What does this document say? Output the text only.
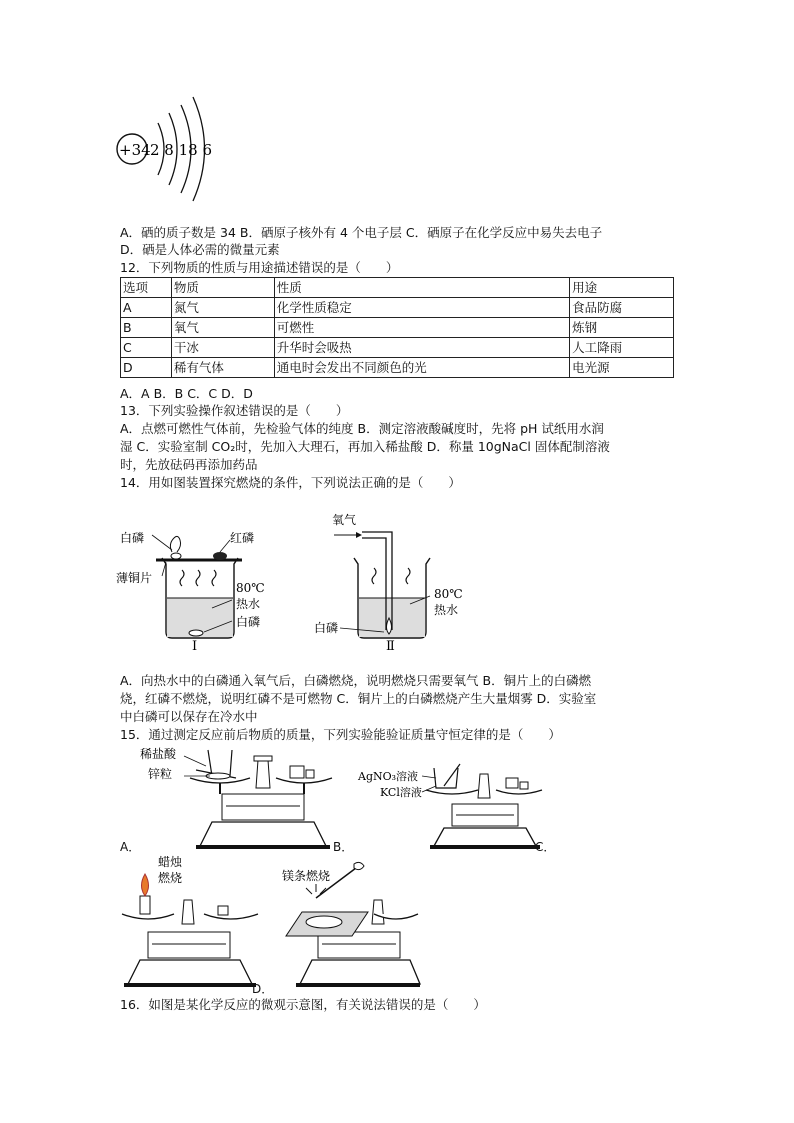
+34 2 8 18 6
A．硒的质子数是 34 B．硒原子核外有 4 个电子层 C．硒原子在化学反应中易失去电子
D．硒是人体必需的微量元素
12．下列物质的性质与用途描述错误的是（　　）
选项	物质	性质	用途
A	氮气	化学性质稳定	食品防腐
B	氧气	可燃性	炼钢
C	干冰	升华时会吸热	人工降雨
D	稀有气体	通电时会发出不同颜色的光	电光源
A．A B．B C．C D．D
13．下列实验操作叙述错误的是（　　）
A．点燃可燃性气体前，先检验气体的纯度 B．测定溶液酸碱度时，先将 pH 试纸用水润
湿 C．实验室制 CO₂时，先加入大理石，再加入稀盐酸 D．称量 10gNaCl 固体配制溶液
时，先放砝码再添加药品
14．用如图装置探究燃烧的条件，下列说法正确的是（　　）
白磷	红磷
薄铜片
80℃
热水
白磷
Ⅰ
氧气
80℃
热水
白磷
Ⅱ
A．向热水中的白磷通入氧气后，白磷燃烧，说明燃烧只需要氧气 B．铜片上的白磷燃
烧，红磷不燃烧，说明红磷不是可燃物 C．铜片上的白磷燃烧产生大量烟雾 D．实验室
中白磷可以保存在冷水中
15．通过测定反应前后物质的质量，下列实验能验证质量守恒定律的是（　　）
稀盐酸
锌粒
A．	B．
AgNO₃溶液
KCl溶液
C．
蜡烛
燃烧
D．
镁条燃烧
16．如图是某化学反应的微观示意图，有关说法错误的是（　　）
